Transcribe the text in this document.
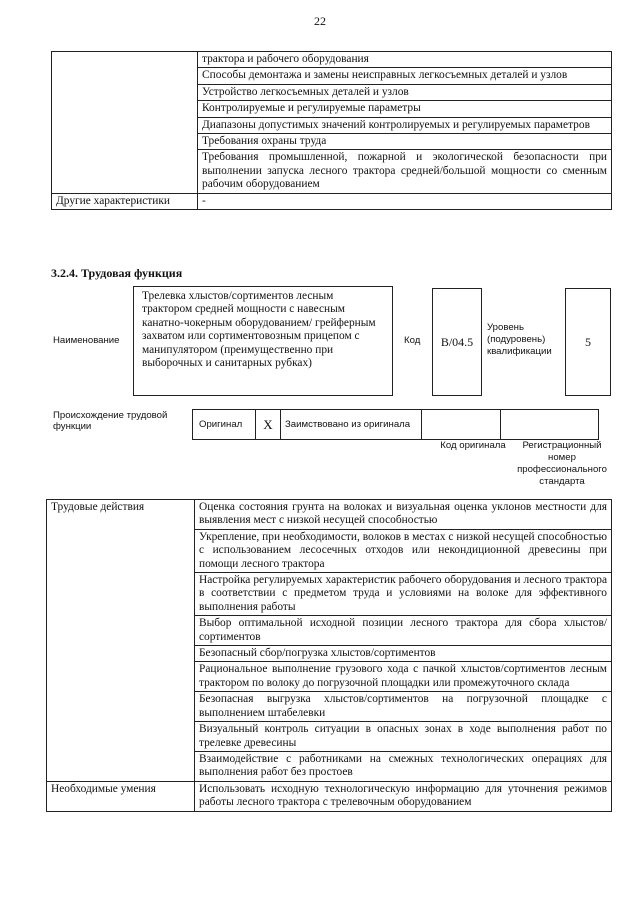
22
	трактора и рабочего оборудования
	Способы демонтажа и замены неисправных легкосъемных деталей и узлов
	Устройство легкосъемных деталей и узлов
	Контролируемые и регулируемые параметры
	Диапазоны допустимых значений контролируемых и регулируемых параметров
	Требования охраны труда
	Требования промышленной, пожарной и экологической безопасности при выполнении запуска лесного трактора средней/большой мощности со сменным рабочим оборудованием
Другие характеристики	-
3.2.4. Трудовая функция
Наименование
Трелевка хлыстов/сортиментов лесным трактором средней мощности с навесным канатно-чокерным оборудованием/ грейферным захватом или сортиментовозным прицепом с манипулятором (преимущественно при выборочных и санитарных рубках)
Код	B/04.5
Уровень (подуровень) квалификации
5
Происхождение трудовой функции	Оригинал	X	Заимствовано из оригинала
Код оригинала	Регистрационный номер профессионального стандарта
Трудовые действия	Оценка состояния грунта на волоках и визуальная оценка уклонов местности для выявления мест с низкой несущей способностью
	Укрепление, при необходимости, волоков в местах с низкой несущей способностью с использованием лесосечных отходов или некондиционной древесины при помощи лесного трактора
	Настройка регулируемых характеристик рабочего оборудования и лесного трактора в соответствии с предметом труда и условиями на волоке для эффективного выполнения работы
	Выбор оптимальной исходной позиции лесного трактора для сбора хлыстов/сортиментов
	Безопасный сбор/погрузка хлыстов/сортиментов
	Рациональное выполнение грузового хода с пачкой хлыстов/сортиментов лесным трактором по волоку до погрузочной площадки или промежуточного склада
	Безопасная выгрузка хлыстов/сортиментов на погрузочной площадке с выполнением штабелевки
	Визуальный контроль ситуации в опасных зонах в ходе выполнения работ по трелевке древесины
	Взаимодействие с работниками на смежных технологических операциях для выполнения работ без простоев
Необходимые умения	Использовать исходную технологическую информацию для уточнения режимов работы лесного трактора с трелевочным оборудованием
